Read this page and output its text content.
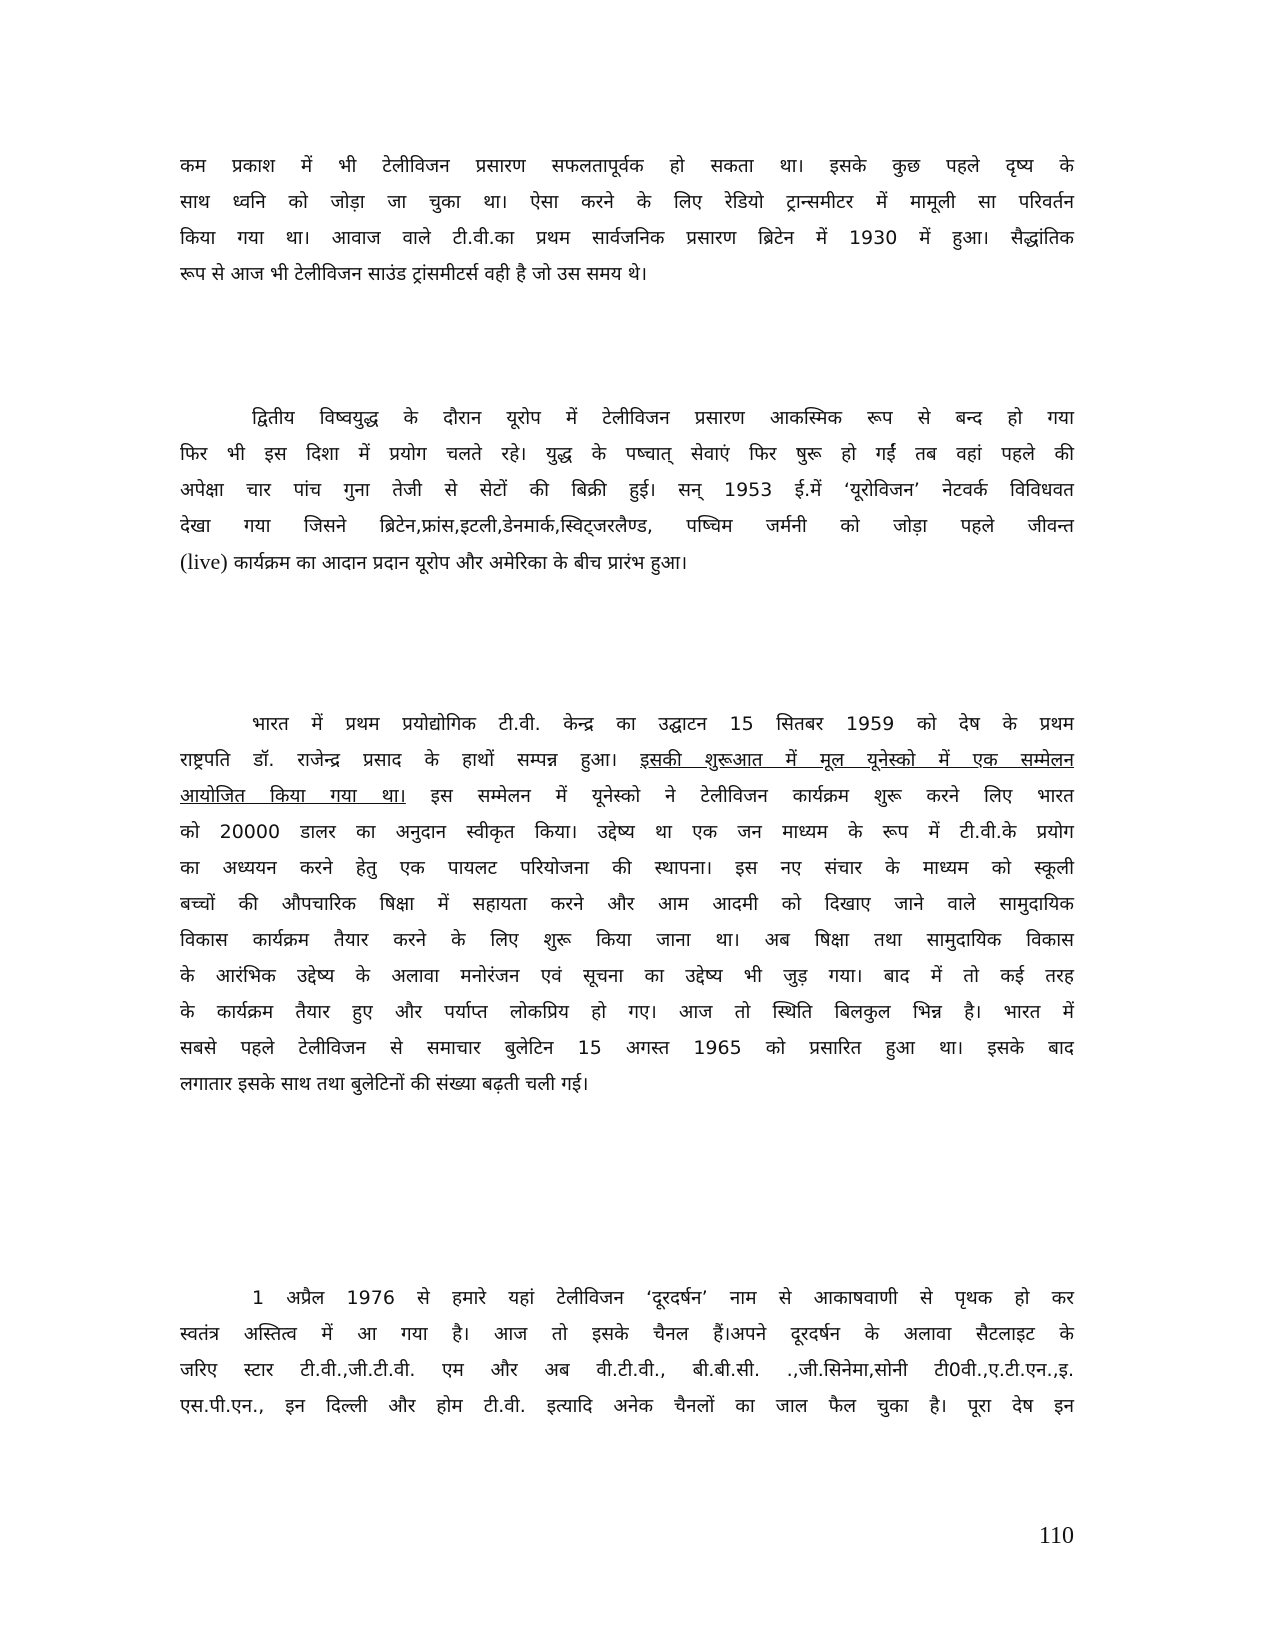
कम प्रकाश में भी टेलीविजन प्रसारण सफलतापूर्वक हो सकता था। इसके कुछ पहले दृष्य के
साथ ध्वनि को जोड़ा जा चुका था। ऐसा करने के लिए रेडियो ट्रान्समीटर में मामूली सा परिवर्तन
किया गया था। आवाज वाले टी.वी.का प्रथम सार्वजनिक प्रसारण ब्रिटेन में 1930 में हुआ। सैद्धांतिक
रूप से आज भी टेलीविजन साउंड ट्रांसमीटर्स वही है जो उस समय थे।

द्वितीय विष्वयुद्ध के दौरान यूरोप में टेलीविजन प्रसारण आकस्मिक रूप से बन्द हो गया
फिर भी इस दिशा में प्रयोग चलते रहे। युद्ध के पष्चात् सेवाएं फिर षुरू हो गईं तब वहां पहले की
अपेक्षा चार पांच गुना तेजी से सेटों की बिक्री हुई। सन् 1953 ई.में ‘यूरोविजन’ नेटवर्क विविधवत
देखा गया जिसने ब्रिटेन,फ्रांस,इटली,डेनमार्क,स्विट्जरलैण्ड, पष्चिम जर्मनी को जोड़ा पहले जीवन्त
(live) कार्यक्रम का आदान प्रदान यूरोप और अमेरिका के बीच प्रारंभ हुआ।

भारत में प्रथम प्रयोद्योगिक टी.वी. केन्द्र का उद्घाटन 15 सितबर 1959 को देष के प्रथम
राष्ट्रपति डॉ. राजेन्द्र प्रसाद के हाथों सम्पन्न हुआ। इसकी शुरूआत में मूल यूनेस्को में एक सम्मेलन
आयोजित किया गया था। इस सम्मेलन में यूनेस्को ने टेलीविजन कार्यक्रम शुरू करने लिए भारत
को 20000 डालर का अनुदान स्वीकृत किया। उद्देष्य था एक जन माध्यम के रूप में टी.वी.के प्रयोग
का अध्ययन करने हेतु एक पायलट परियोजना की स्थापना। इस नए संचार के माध्यम को स्कूली
बच्चों की औपचारिक षिक्षा में सहायता करने और आम आदमी को दिखाए जाने वाले सामुदायिक
विकास कार्यक्रम तैयार करने के लिए शुरू किया जाना था। अब षिक्षा तथा सामुदायिक विकास
के आरंभिक उद्देष्य के अलावा मनोरंजन एवं सूचना का उद्देष्य भी जुड़ गया। बाद में तो कई तरह
के कार्यक्रम तैयार हुए और पर्याप्त लोकप्रिय हो गए। आज तो स्थिति बिलकुल भिन्न है। भारत में
सबसे पहले टेलीविजन से समाचार बुलेटिन 15 अगस्त 1965 को प्रसारित हुआ था। इसके बाद
लगातार इसके साथ तथा बुलेटिनों की संख्या बढ़ती चली गई।

1 अप्रैल 1976 से हमारे यहां टेलीविजन ‘दूरदर्षन’ नाम से आकाषवाणी से पृथक हो कर
स्वतंत्र अस्तित्व में आ गया है। आज तो इसके चैनल हैं।अपने दूरदर्षन के अलावा सैटलाइट के
जरिए स्टार टी.वी.,जी.टी.वी. एम और अब वी.टी.वी., बी.बी.सी. .,जी.सिनेमा,सोनी टी0वी.,ए.टी.एन.,इ.
एस.पी.एन., इन दिल्ली और होम टी.वी. इत्यादि अनेक चैनलों का जाल फैल चुका है। पूरा देष इन

110
